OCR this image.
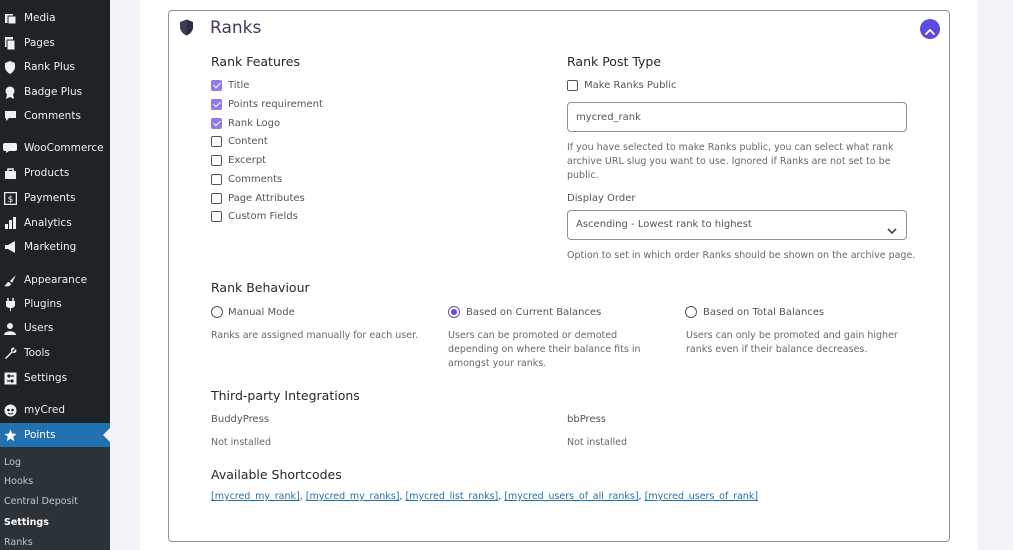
Media
Pages
Rank Plus
Badge Plus
Comments
WooCommerce
Products
$ Payments
Analytics
Marketing
Appearance
Plugins
Users
Tools
Settings
myCred
Points
Log
Hooks
Central Deposit
Settings
Ranks
Ranks
Rank Features
Title
Points requirement
Rank Logo
Content
Excerpt
Comments
Page Attributes
Custom Fields
Rank Post Type
Make Ranks Public
mycred_rank
If you have selected to make Ranks public, you can select what rank
archive URL slug you want to use. Ignored if Ranks are not set to be
public.
Display Order
Ascending - Lowest rank to highest
Option to set in which order Ranks should be shown on the archive page.
Rank Behaviour
Manual Mode
Ranks are assigned manually for each user.
Based on Current Balances
Users can be promoted or demoted
depending on where their balance fits in
amongst your ranks.
Based on Total Balances
Users can only be promoted and gain higher
ranks even if their balance decreases.
Third-party Integrations
BuddyPress
Not installed
bbPress
Not installed
Available Shortcodes
[mycred_my_rank], [mycred_my_ranks], [mycred_list_ranks], [mycred_users_of_all_ranks], [mycred_users_of_rank]
